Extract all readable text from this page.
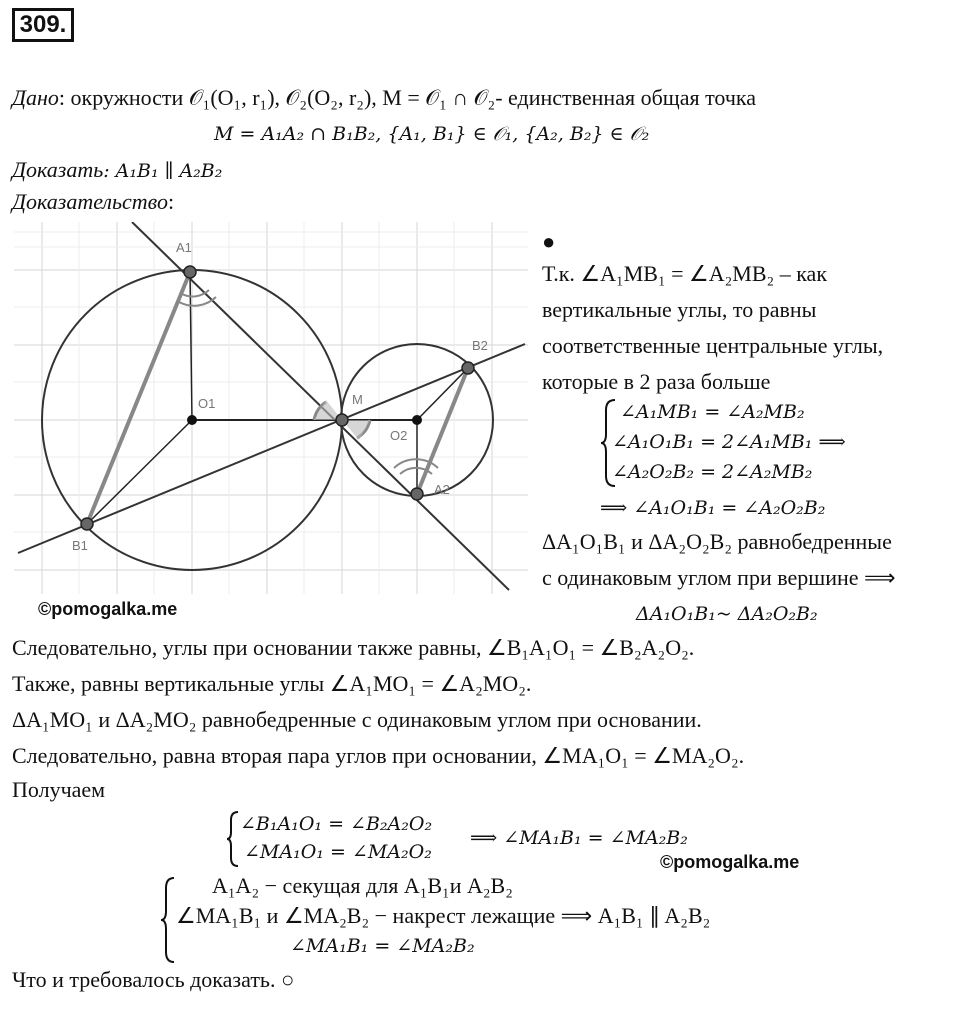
309.
Дано: окружности 𝒪₁(O₁, r₁), 𝒪₂(O₂, r₂), M = 𝒪₁ ∩ 𝒪₂- единственная общая точка
M = A₁A₂ ∩ B₁B₂, {A₁, B₁} ∈ 𝒪₁, {A₂, B₂} ∈ 𝒪₂
Доказать: A₁B₁ ∥ A₂B₂
Доказательство:
A1
B1
O1	M
O2
A2
B2
©pomogalka.me
●
Т.к. ∠A₁MB₁ = ∠A₂MB₂ – как
вертикальные углы, то равны
соответственные центральные углы,
которые в 2 раза больше
∠A₁MB₁ = ∠A₂MB₂
∠A₁O₁B₁ = 2∠A₁MB₁ ⟹
∠A₂O₂B₂ = 2∠A₂MB₂
⟹ ∠A₁O₁B₁ = ∠A₂O₂B₂
ΔA₁O₁B₁ и ΔA₂O₂B₂ равнобедренные
с одинаковым углом при вершине ⟹
ΔA₁O₁B₁~ ΔA₂O₂B₂
Следовательно, углы при основании также равны, ∠B₁A₁O₁ = ∠B₂A₂O₂.
Также, равны вертикальные углы ∠A₁MO₁ = ∠A₂MO₂.
ΔA₁MO₁ и ΔA₂MO₂ равнобедренные с одинаковым углом при основании.
Следовательно, равна вторая пара углов при основании, ∠MA₁O₁ = ∠MA₂O₂.
Получаем
∠B₁A₁O₁ = ∠B₂A₂O₂
∠MA₁O₁ = ∠MA₂O₂
⟹ ∠MA₁B₁ = ∠MA₂B₂
©pomogalka.me
A₁A₂ − секущая для A₁B₁и A₂B₂
∠MA₁B₁ и ∠MA₂B₂ − накрест лежащие ⟹ A₁B₁ ∥ A₂B₂
∠MA₁B₁ = ∠MA₂B₂
Что и требовалось доказать. ○
